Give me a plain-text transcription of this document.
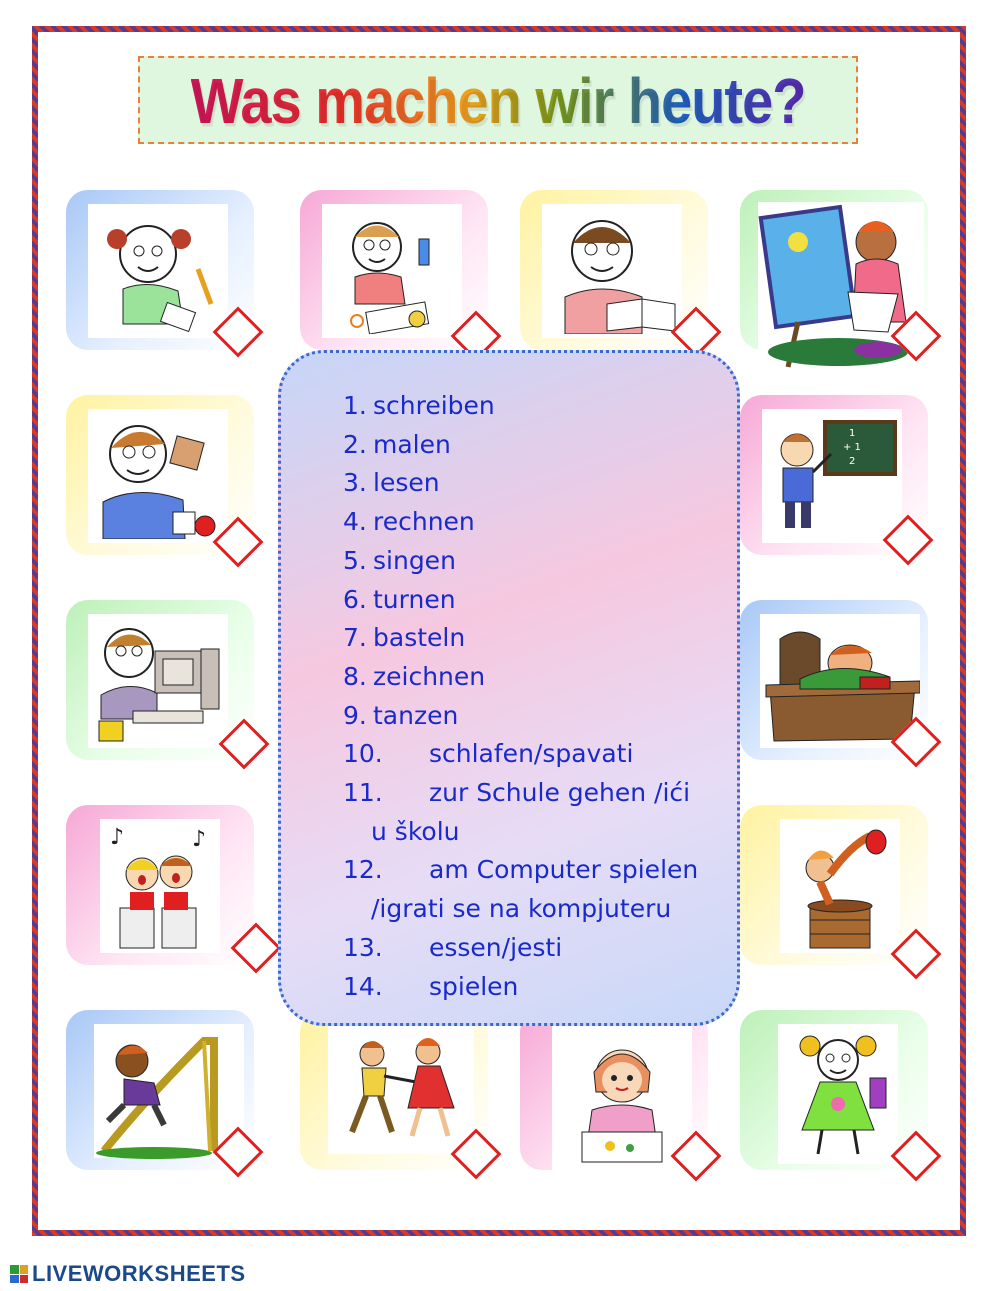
Was machen wir heute?
1
+ 1
2
♪	♪
1. schreiben
2. malen
3. lesen
4. rechnen
5. singen
6. turnen
7. basteln
8. zeichnen
9. tanzen
10. schlafen/spavati
11. zur Schule gehen /ići
u školu
12. am Computer spielen
/igrati se na kompjuteru
13. essen/jesti
14. spielen
LIVEWORKSHEETS
